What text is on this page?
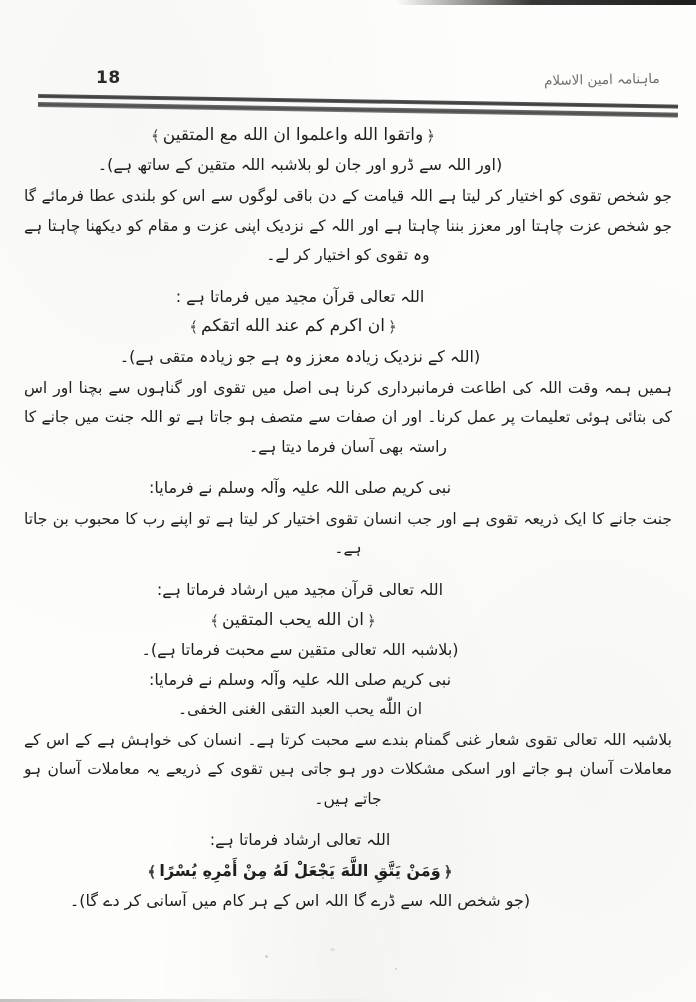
18	ماہنامہ امین الاسلام
﴿واتقوا الله واعلموا ان الله مع المتقين﴾
(اور اللہ سے ڈرو اور جان لو بلاشبہ اللہ متقین کے ساتھ ہے)۔
جو شخص تقوی کو اختیار کر لیتا ہے اللہ قیامت کے دن باقی لوگوں سے اس کو بلندی عطا فرمائے گا جو شخص عزت چاہتا اور معزز بننا چاہتا ہے اور اللہ کے نزدیک اپنی عزت و مقام کو دیکھنا چاہتا ہے وہ تقوی کو اختیار کر لے۔
اللہ تعالی قرآن مجید میں فرماتا ہے :
﴿ان اکرم کم عند الله اتقکم﴾
(اللہ کے نزدیک زیادہ معزز وہ ہے جو زیادہ متقی ہے)۔
ہمیں ہمہ وقت اللہ کی اطاعت فرمانبرداری کرنا ہی اصل میں تقوی اور گناہوں سے بچنا اور اس کی بتائی ہوئی تعلیمات پر عمل کرنا۔ اور ان صفات سے متصف ہو جاتا ہے تو اللہ جنت میں جانے کا راستہ بھی آسان فرما دیتا ہے۔
نبی کریم صلی اللہ علیہ وآلہ وسلم نے فرمایا:
جنت جانے کا ایک ذریعہ تقوی ہے اور جب انسان تقوی اختیار کر لیتا ہے تو اپنے رب کا محبوب بن جاتا ہے۔
اللہ تعالی قرآن مجید میں ارشاد فرماتا ہے:
﴿ان الله يحب المتقين﴾
(بلاشبہ اللہ تعالی متقین سے محبت فرماتا ہے)۔
نبی کریم صلی اللہ علیہ وآلہ وسلم نے فرمایا:
ان اللّٰه يحب العبد التقى الغنى الخفى۔
بلاشبہ اللہ تعالی تقوی شعار غنی گمنام بندے سے محبت کرتا ہے۔ انسان کی خواہش ہے کے اس کے معاملات آسان ہو جاتے اور اسکی مشکلات دور ہو جاتی ہیں تقوی کے ذریعے یہ معاملات آسان ہو جاتے ہیں۔
اللہ تعالی ارشاد فرماتا ہے:
﴿وَمَنْ يَتَّقِ اللَّهَ يَجْعَلْ لَهُ مِنْ أَمْرِهِ يُسْرًا﴾
(جو شخص اللہ سے ڈرے گا اللہ اس کے ہر کام میں آسانی کر دے گا)۔
